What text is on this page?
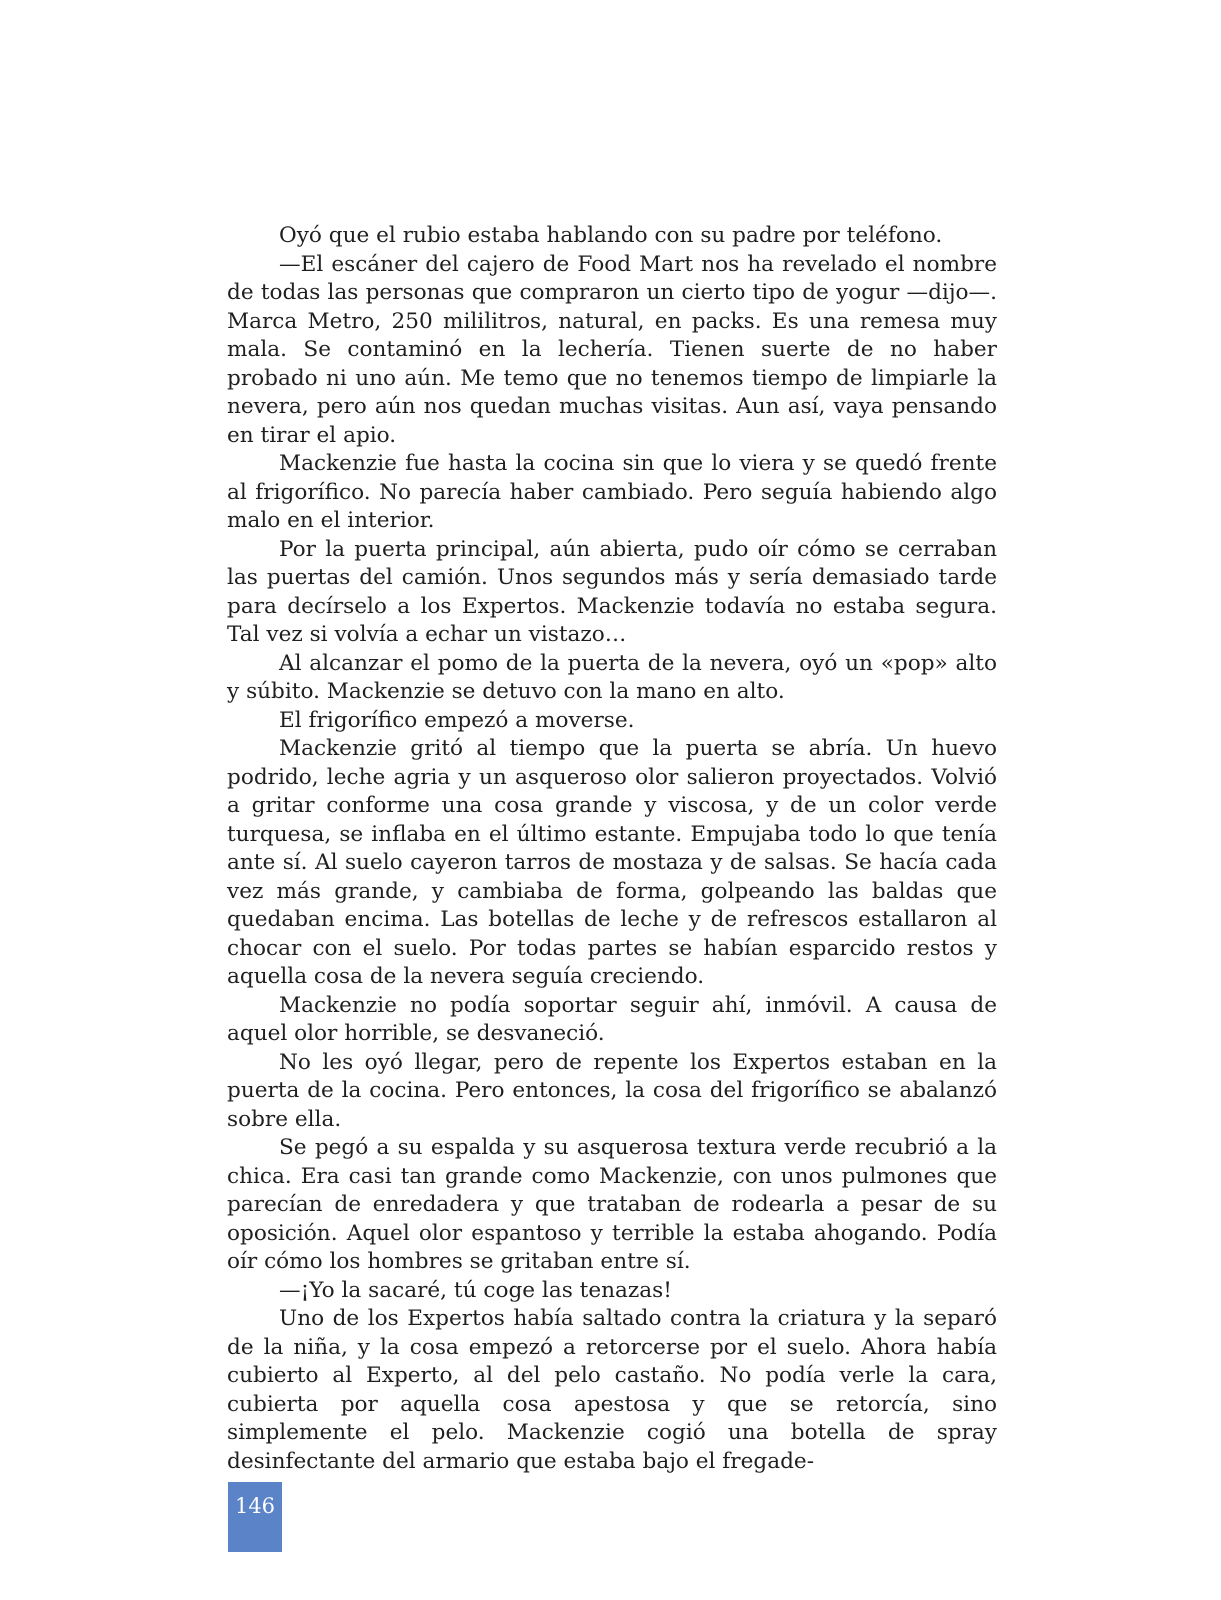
Oyó que el rubio estaba hablando con su padre por teléfono.

—El escáner del cajero de Food Mart nos ha revelado el nombre de todas las personas que compraron un cierto tipo de yogur —dijo—. Marca Metro, 250 mililitros, natural, en packs. Es una remesa muy mala. Se contaminó en la lechería. Tienen suerte de no haber probado ni uno aún. Me temo que no tenemos tiempo de limpiarle la nevera, pero aún nos quedan muchas visitas. Aun así, vaya pensando en tirar el apio.

Mackenzie fue hasta la cocina sin que lo viera y se quedó frente al frigorífico. No parecía haber cambiado. Pero seguía habiendo algo malo en el interior.

Por la puerta principal, aún abierta, pudo oír cómo se cerraban las puertas del camión. Unos segundos más y sería demasiado tarde para decírselo a los Expertos. Mackenzie todavía no estaba segura. Tal vez si volvía a echar un vistazo…

Al alcanzar el pomo de la puerta de la nevera, oyó un «pop» alto y súbito. Mackenzie se detuvo con la mano en alto.

El frigorífico empezó a moverse.

Mackenzie gritó al tiempo que la puerta se abría. Un huevo podrido, leche agria y un asqueroso olor salieron proyectados. Volvió a gritar conforme una cosa grande y viscosa, y de un color verde turquesa, se inflaba en el último estante. Empujaba todo lo que tenía ante sí. Al suelo cayeron tarros de mostaza y de salsas. Se hacía cada vez más grande, y cambiaba de forma, golpeando las baldas que quedaban encima. Las botellas de leche y de refrescos estallaron al chocar con el suelo. Por todas partes se habían esparcido restos y aquella cosa de la nevera seguía creciendo.

Mackenzie no podía soportar seguir ahí, inmóvil. A causa de aquel olor horrible, se desvaneció.

No les oyó llegar, pero de repente los Expertos estaban en la puerta de la cocina. Pero entonces, la cosa del frigorífico se abalanzó sobre ella.

Se pegó a su espalda y su asquerosa textura verde recubrió a la chica. Era casi tan grande como Mackenzie, con unos pulmones que parecían de enredadera y que trataban de rodearla a pesar de su oposición. Aquel olor espantoso y terrible la estaba ahogando. Podía oír cómo los hombres se gritaban entre sí.

—¡Yo la sacaré, tú coge las tenazas!

Uno de los Expertos había saltado contra la criatura y la separó de la niña, y la cosa empezó a retorcerse por el suelo. Ahora había cubierto al Experto, al del pelo castaño. No podía verle la cara, cubierta por aquella cosa apestosa y que se retorcía, sino simplemente el pelo. Mackenzie cogió una botella de spray desinfectante del armario que estaba bajo el fregade-

146
